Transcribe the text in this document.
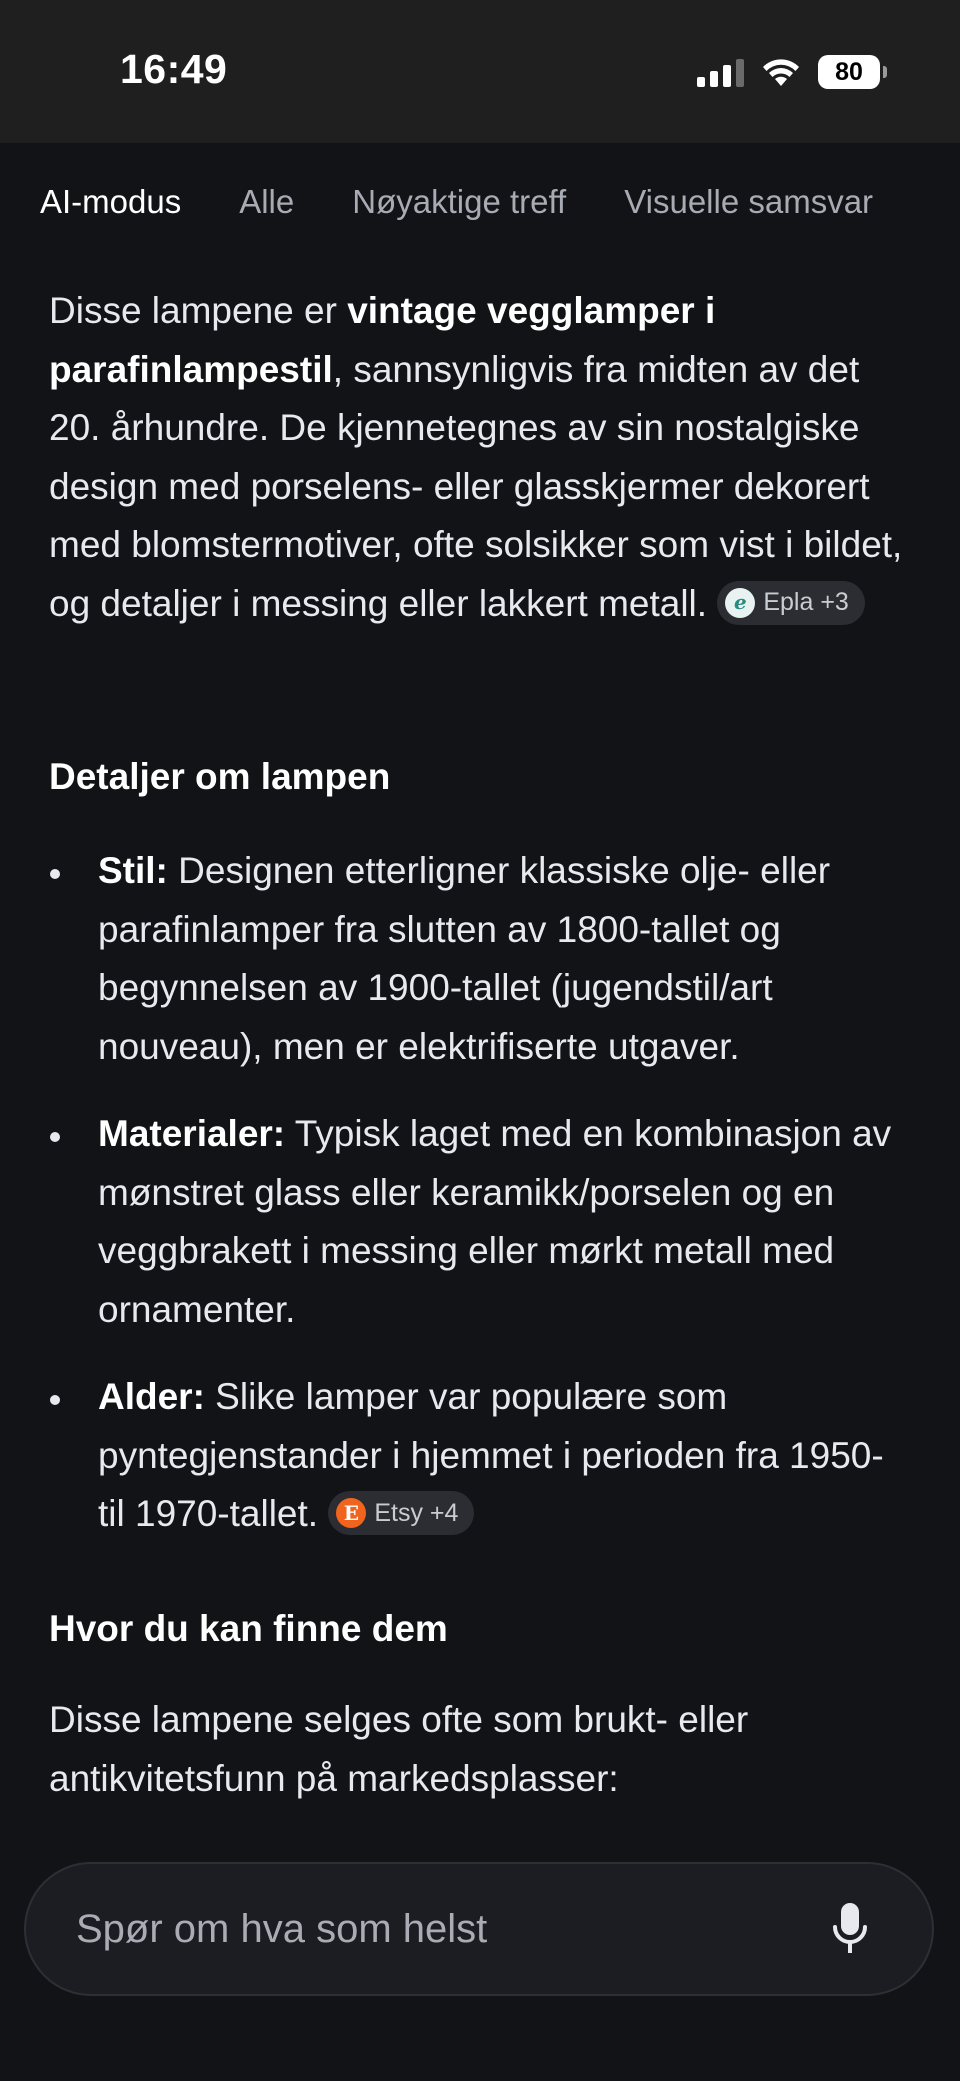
16:49	80
AI-modus Alle Nøyaktige treff Visuelle samsvar

Disse lampene er vintage vegglamper i parafinlampestil, sannsynligvis fra midten av det 20. århundre. De kjennetegnes av sin nostalgiske design med porselens- eller glasskjermer dekorert med blomstermotiver, ofte solsikker som vist i bildet, og detaljer i messing eller lakkert metall. e Epla +3

Detaljer om lampen
Stil: Designen etterligner klassiske olje- eller parafinlamper fra slutten av 1800-tallet og begynnelsen av 1900-tallet (jugendstil/art nouveau), men er elektrifiserte utgaver.
Materialer: Typisk laget med en kombinasjon av mønstret glass eller keramikk/porselen og en veggbrakett i messing eller mørkt metall med ornamenter.
Alder: Slike lamper var populære som pyntegjenstander i hjemmet i perioden fra 1950- til 1970-tallet. E Etsy +4
Hvor du kan finne dem

Disse lampene selges ofte som brukt- eller antikvitetsfunn på markedsplasser:

Spør om hva som helst
